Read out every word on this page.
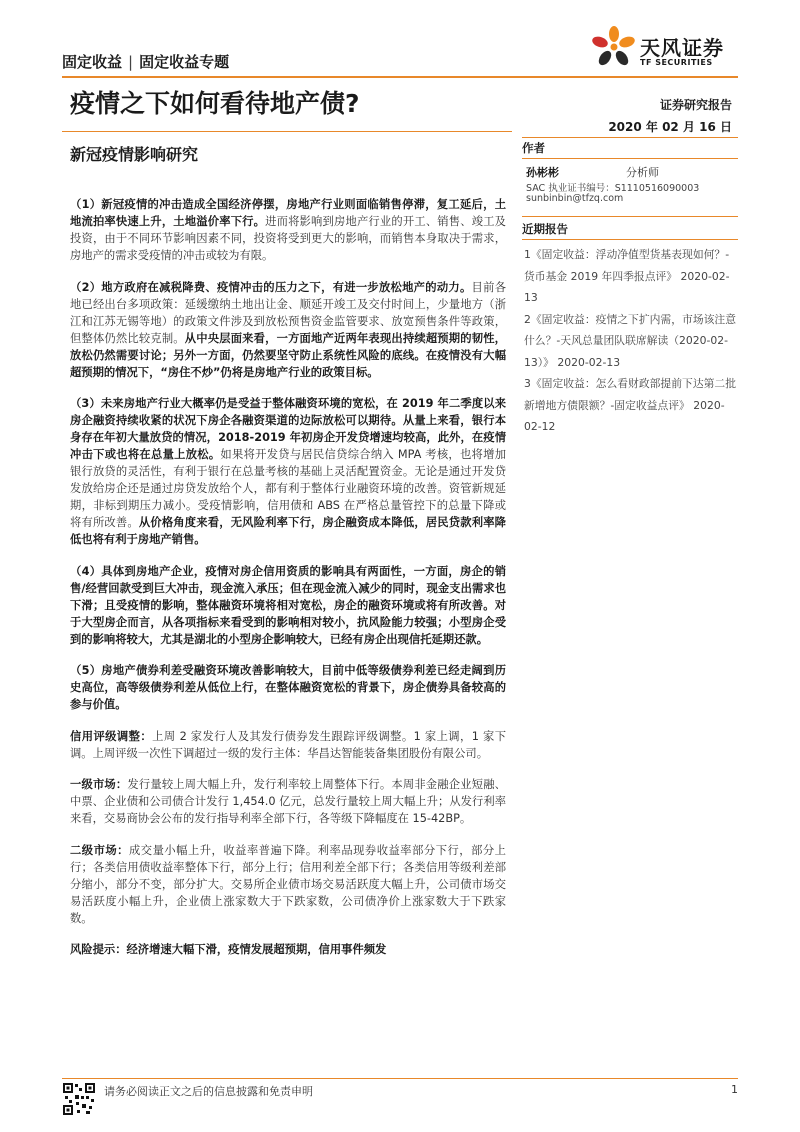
固定收益 | 固定收益专题
天风证券
TF SECURITIES
疫情之下如何看待地产债?	证券研究报告
2020 年 02 月 16 日
新冠疫情影响研究	作者
孙彬彬	分析师
SAC 执业证书编号：S1110516090003
sunbinbin@tfzq.com
近期报告
1《固定收益：浮动净值型货基表现如何？-货币基金 2019 年四季报点评》 2020-02-13
2《固定收益：疫情之下扩内需，市场该注意什么？-天风总量团队联席解读（2020-02-13）》 2020-02-13
3《固定收益：怎么看财政部提前下达第二批新增地方债限额？-固定收益点评》 2020-02-12

（1）新冠疫情的冲击造成全国经济停摆，房地产行业则面临销售停滞，复工延后，土地流拍率快速上升，土地溢价率下行。进而将影响到房地产行业的开工、销售、竣工及投资，由于不同环节影响因素不同，投资将受到更大的影响，而销售本身取决于需求，房地产的需求受疫情的冲击或较为有限。

（2）地方政府在减税降费、疫情冲击的压力之下，有进一步放松地产的动力。目前各地已经出台多项政策：延缓缴纳土地出让金、顺延开竣工及交付时间上，少量地方（浙江和江苏无锡等地）的政策文件涉及到放松预售资金监管要求、放宽预售条件等政策，但整体仍然比较克制。从中央层面来看，一方面地产近两年表现出持续超预期的韧性，放松仍然需要讨论；另外一方面，仍然要坚守防止系统性风险的底线。在疫情没有大幅超预期的情况下，“房住不炒”仍将是房地产行业的政策目标。

（3）未来房地产行业大概率仍是受益于整体融资环境的宽松，在 2019 年二季度以来房企融资持续收紧的状况下房企各融资渠道的边际放松可以期待。从量上来看，银行本身存在年初大量放贷的情况，2018-2019 年初房企开发贷增速均较高，此外，在疫情冲击下或也将在总量上放松。如果将开发贷与居民信贷综合纳入 MPA 考核，也将增加银行放贷的灵活性，有利于银行在总量考核的基础上灵活配置资金。无论是通过开发贷发放给房企还是通过房贷发放给个人，都有利于整体行业融资环境的改善。资管新规延期，非标到期压力减小。受疫情影响，信用债和 ABS 在严格总量管控下的总量下降或将有所改善。从价格角度来看，无风险利率下行，房企融资成本降低，居民贷款利率降低也将有利于房地产销售。

（4）具体到房地产企业，疫情对房企信用资质的影响具有两面性，一方面，房企的销售/经营回款受到巨大冲击，现金流入承压；但在现金流入减少的同时，现金支出需求也下滑；且受疫情的影响，整体融资环境将相对宽松，房企的融资环境或将有所改善。对于大型房企而言，从各项指标来看受到的影响相对较小，抗风险能力较强；小型房企受到的影响将较大，尤其是湖北的小型房企影响较大，已经有房企出现信托延期还款。

（5）房地产债券利差受融资环境改善影响较大，目前中低等级债券利差已经走阔到历史高位，高等级债券利差从低位上行，在整体融资宽松的背景下，房企债券具备较高的参与价值。

信用评级调整：上周 2 家发行人及其发行债券发生跟踪评级调整。1 家上调，1 家下调。上周评级一次性下调超过一级的发行主体：华昌达智能装备集团股份有限公司。

一级市场：发行量较上周大幅上升，发行利率较上周整体下行。本周非金融企业短融、中票、企业债和公司债合计发行 1,454.0 亿元，总发行量较上周大幅上升；从发行利率来看，交易商协会公布的发行指导利率全部下行，各等级下降幅度在 15-42BP。

二级市场：成交量小幅上升，收益率普遍下降。利率品现券收益率部分下行，部分上行；各类信用债收益率整体下行，部分上行；信用利差全部下行；各类信用等级利差部分缩小，部分不变，部分扩大。交易所企业债市场交易活跃度大幅上升，公司债市场交易活跃度小幅上升，企业债上涨家数大于下跌家数，公司债净价上涨家数大于下跌家数。

风险提示：经济增速大幅下滑，疫情发展超预期，信用事件频发

请务必阅读正文之后的信息披露和免责申明	1
